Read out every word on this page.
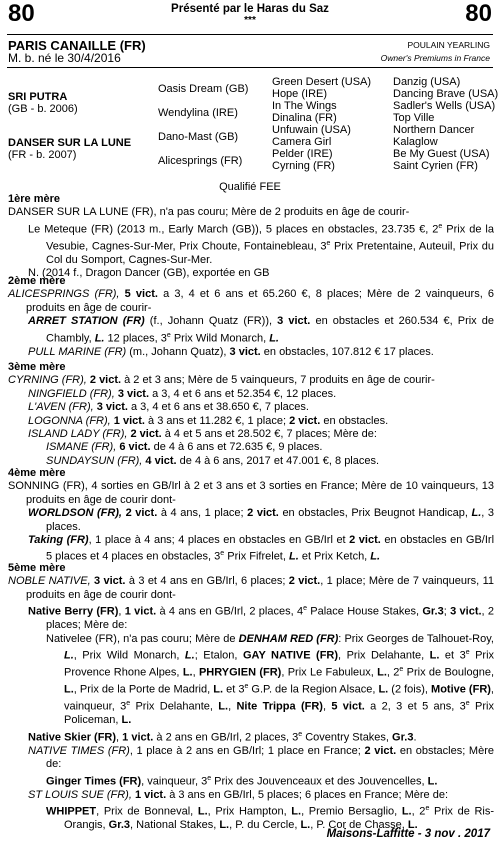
80	80
Présenté par le Haras du Saz
***
PARIS CANAILLE (FR)
M. b. né le 30/4/2016
POULAIN YEARLING
Owner's Premiums in France
SRI PUTRA
(GB - b. 2006)
DANSER SUR LA LUNE
(FR - b. 2007)
Oasis Dream (GB)
Wendylina (IRE)
Dano-Mast (GB)
Alicesprings (FR)
Green Desert (USA)
Hope (IRE)
In The Wings
Dinalina (FR)
Unfuwain (USA)
Camera Girl
Pelder (IRE)
Cyrning (FR)
Danzig (USA)
Dancing Brave (USA)
Sadler's Wells (USA)
Top Ville
Northern Dancer
Kalaglow
Be My Guest (USA)
Saint Cyrien (FR)
Qualifié FEE
1ère mère

DANSER SUR LA LUNE (FR), n'a pas couru; Mère de 2 produits en âge de courir-

Le Meteque (FR) (2013 m., Early March (GB)), 5 places en obstacles, 23.735 €, 2e Prix de la Vesubie, Cagnes-Sur-Mer, Prix Choute, Fontainebleau, 3e Prix Pretentaine, Auteuil, Prix du Col du Somport, Cagnes-Sur-Mer.

N. (2014 f., Dragon Dancer (GB), exportée en GB

2ème mère

ALICESPRINGS (FR), 5 vict. a 3, 4 et 6 ans et 65.260 €, 8 places; Mère de 2 vainqueurs, 6 produits en âge de courir-

ARRET STATION (FR) (f., Johann Quatz (FR)), 3 vict. en obstacles et 260.534 €, Prix de Chambly, L. 12 places, 3e Prix Wild Monarch, L.

PULL MARINE (FR) (m., Johann Quatz), 3 vict. en obstacles, 107.812 € 17 places.

3ème mère

CYRNING (FR), 2 vict. à 2 et 3 ans; Mère de 5 vainqueurs, 7 produits en âge de courir-

NINGFIELD (FR), 3 vict. a 3, 4 et 6 ans et 52.354 €, 12 places.

L'AVEN (FR), 3 vict. a 3, 4 et 6 ans et 38.650 €, 7 places.

LOGONNA (FR), 1 vict. à 3 ans et 11.282 €, 1 place; 2 vict. en obstacles.

ISLAND LADY (FR), 2 vict. à 4 et 5 ans et 28.502 €, 7 places; Mère de:

ISMANE (FR), 6 vict. de 4 à 6 ans et 72.635 €, 9 places.

SUNDAYSUN (FR), 4 vict. de 4 à 6 ans, 2017 et 47.001 €, 8 places.

4ème mère

SONNING (FR), 4 sorties en GB/Irl à 2 et 3 ans et 3 sorties en France; Mère de 10 vainqueurs, 13 produits en âge de courir dont-

WORLDSON (FR), 2 vict. à 4 ans, 1 place; 2 vict. en obstacles, Prix Beugnot Handicap, L., 3 places.

Taking (FR), 1 place à 4 ans; 4 places en obstacles en GB/Irl et 2 vict. en obstacles en GB/Irl 5 places et 4 places en obstacles, 3e Prix Fifrelet, L. et Prix Ketch, L.

5ème mère

NOBLE NATIVE, 3 vict. à 3 et 4 ans en GB/Irl, 6 places; 2 vict., 1 place; Mère de 7 vainqueurs, 11 produits en âge de courir dont-

Native Berry (FR), 1 vict. à 4 ans en GB/Irl, 2 places, 4e Palace House Stakes, Gr.3; 3 vict., 2 places; Mère de:

Nativelee (FR), n'a pas couru; Mère de DENHAM RED (FR): Prix Georges de Talhouet-Roy, L., Prix Wild Monarch, L.; Etalon, GAY NATIVE (FR), Prix Delahante, L. et 3e Prix Provence Rhone Alpes, L., PHRYGIEN (FR), Prix Le Fabuleux, L., 2e Prix de Boulogne, L., Prix de la Porte de Madrid, L. et 3e G.P. de la Region Alsace, L. (2 fois), Motive (FR), vainqueur, 3e Prix Delahante, L., Nite Trippa (FR), 5 vict. a 2, 3 et 5 ans, 3e Prix Policeman, L.

Native Skier (FR), 1 vict. à 2 ans en GB/Irl, 2 places, 3e Coventry Stakes, Gr.3.

NATIVE TIMES (FR), 1 place à 2 ans en GB/Irl; 1 place en France; 2 vict. en obstacles; Mère de:

Ginger Times (FR), vainqueur, 3e Prix des Jouvenceaux et des Jouvencelles, L.

ST LOUIS SUE (FR), 1 vict. à 3 ans en GB/Irl, 5 places; 6 places en France; Mère de:

WHIPPET, Prix de Bonneval, L., Prix Hampton, L., Premio Bersaglio, L., 2e Prix de Ris-Orangis, Gr.3, National Stakes, L., P. du Cercle, L., P. Cor de Chasse, L.

Maisons-Laffitte - 3 nov . 2017
